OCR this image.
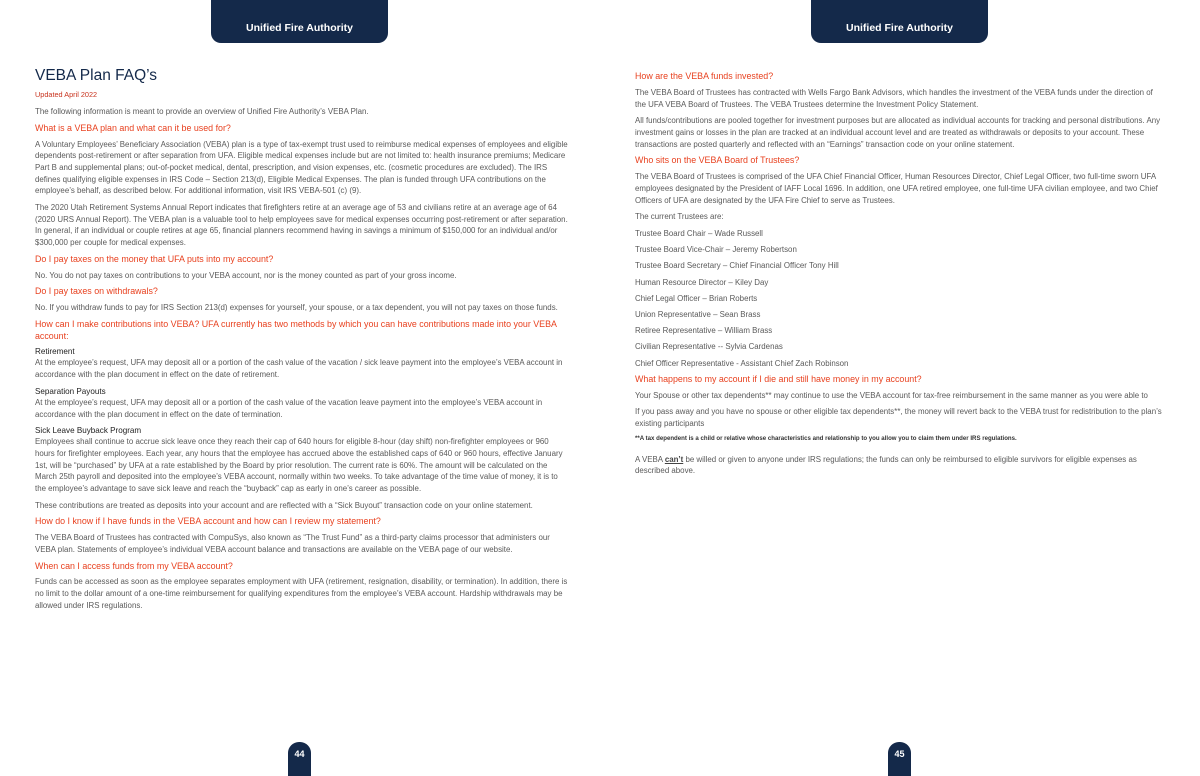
Unified Fire Authority
VEBA Plan FAQ’s
Updated April 2022

The following information is meant to provide an overview of Unified Fire Authority’s VEBA Plan.

What is a VEBA plan and what can it be used for?

A Voluntary Employees’ Beneficiary Association (VEBA) plan is a type of tax-exempt trust used to reimburse medical expenses of employees and eligible dependents post-retirement or after separation from UFA. Eligible medical expenses include but are not limited to: health insurance premiums; Medicare Part B and supplemental plans; out-of-pocket medical, dental, prescription, and vision expenses, etc. (cosmetic procedures are excluded). The IRS defines qualifying eligible expenses in IRS Code – Section 213(d), Eligible Medical Expenses. The plan is funded through UFA contributions on the employee’s behalf, as described below. For additional information, visit IRS VEBA-501 (c) (9).

The 2020 Utah Retirement Systems Annual Report indicates that firefighters retire at an average age of 53 and civilians retire at an average age of 64 (2020 URS Annual Report). The VEBA plan is a valuable tool to help employees save for medical expenses occurring post-retirement or after separation. In general, if an individual or couple retires at age 65, financial planners recommend having in savings a minimum of $150,000 for an individual and/or $300,000 per couple for medical expenses.

Do I pay taxes on the money that UFA puts into my account?

No. You do not pay taxes on contributions to your VEBA account, nor is the money counted as part of your gross income.

Do I pay taxes on withdrawals?

No. If you withdraw funds to pay for IRS Section 213(d) expenses for yourself, your spouse, or a tax dependent, you will not pay taxes on those funds.

How can I make contributions into VEBA? UFA currently has two methods by which you can have contributions made into your VEBA account:
Retirement

At the employee’s request, UFA may deposit all or a portion of the cash value of the vacation / sick leave payment into the employee’s VEBA account in accordance with the plan document in effect on the date of retirement.

Separation Payouts

At the employee’s request, UFA may deposit all or a portion of the cash value of the vacation leave payment into the employee’s VEBA account in accordance with the plan document in effect on the date of termination.

Sick Leave Buyback Program

Employees shall continue to accrue sick leave once they reach their cap of 640 hours for eligible 8-hour (day shift) non-firefighter employees or 960 hours for firefighter employees. Each year, any hours that the employee has accrued above the established caps of 640 or 960 hours, effective January 1st, will be “purchased” by UFA at a rate established by the Board by prior resolution. The current rate is 60%. The amount will be calculated on the March 25th payroll and deposited into the employee’s VEBA account, normally within two weeks. To take advantage of the time value of money, it is to the employee’s advantage to save sick leave and reach the “buyback” cap as early in one’s career as possible.

These contributions are treated as deposits into your account and are reflected with a “Sick Buyout” transaction code on your online statement.

How do I know if I have funds in the VEBA account and how can I review my statement?

The VEBA Board of Trustees has contracted with CompuSys, also known as “The Trust Fund” as a third-party claims processor that administers our VEBA plan. Statements of employee’s individual VEBA account balance and transactions are available on the VEBA page of our website.

When can I access funds from my VEBA account?

Funds can be accessed as soon as the employee separates employment with UFA (retirement, resignation, disability, or termination). In addition, there is no limit to the dollar amount of a one-time reimbursement for qualifying expenditures from the employee’s VEBA account. Hardship withdrawals may be allowed under IRS regulations.

44
Unified Fire Authority
How are the VEBA funds invested?

The VEBA Board of Trustees has contracted with Wells Fargo Bank Advisors, which handles the investment of the VEBA funds under the direction of the UFA VEBA Board of Trustees. The VEBA Trustees determine the Investment Policy Statement.

All funds/contributions are pooled together for investment purposes but are allocated as individual accounts for tracking and personal distributions. Any investment gains or losses in the plan are tracked at an individual account level and are treated as withdrawals or deposits to your account. These transactions are posted quarterly and reflected with an “Earnings” transaction code on your online statement.

Who sits on the VEBA Board of Trustees?

The VEBA Board of Trustees is comprised of the UFA Chief Financial Officer, Human Resources Director, Chief Legal Officer, two full-time sworn UFA employees designated by the President of IAFF Local 1696. In addition, one UFA retired employee, one full-time UFA civilian employee, and two Chief Officers of UFA are designated by the UFA Fire Chief to serve as Trustees.

The current Trustees are:

Trustee Board Chair – Wade Russell
Trustee Board Vice-Chair – Jeremy Robertson
Trustee Board Secretary – Chief Financial Officer Tony Hill
Human Resource Director – Kiley Day
Chief Legal Officer – Brian Roberts
Union Representative – Sean Brass
Retiree Representative – William Brass
Civilian Representative -- Sylvia Cardenas
Chief Officer Representative - Assistant Chief Zach Robinson
What happens to my account if I die and still have money in my account?

Your Spouse or other tax dependents** may continue to use the VEBA account for tax-free reimbursement in the same manner as you were able to

If you pass away and you have no spouse or other eligible tax dependents**, the money will revert back to the VEBA trust for redistribution to the plan’s existing participants

**A tax dependent is a child or relative whose characteristics and relationship to you allow you to claim them under IRS regulations.

A VEBA can’t be willed or given to anyone under IRS regulations; the funds can only be reimbursed to eligible survivors for eligible expenses as described above.

45
